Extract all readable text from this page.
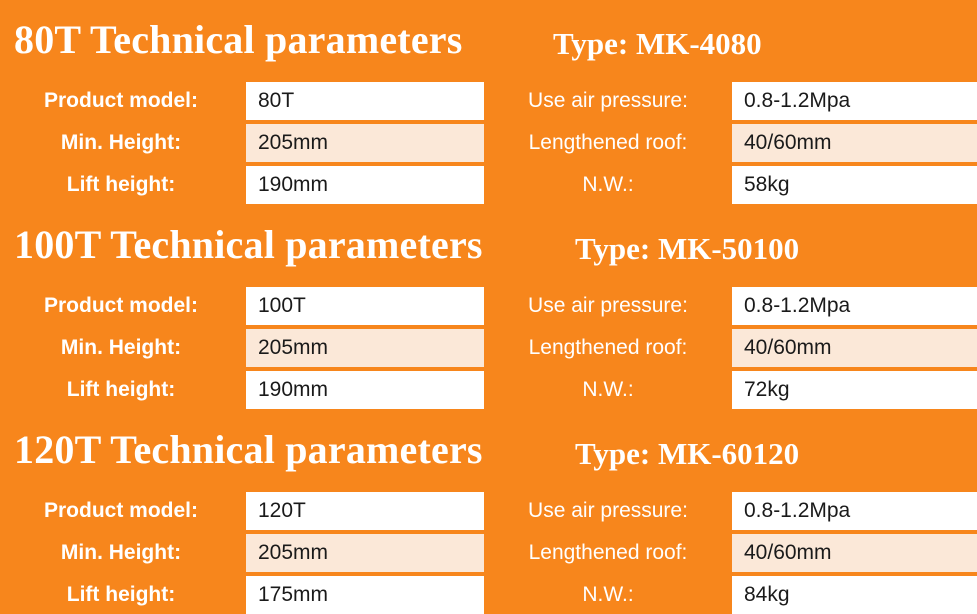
80T Technical parameters	Type: MK-4080
Product model:	80T	Use air pressure:	0.8-1.2Mpa
Min. Height:	205mm	Lengthened roof:	40/60mm
Lift height:	190mm	N.W.:	58kg
100T Technical parameters	Type: MK-50100
Product model:	100T	Use air pressure:	0.8-1.2Mpa
Min. Height:	205mm	Lengthened roof:	40/60mm
Lift height:	190mm	N.W.:	72kg
120T Technical parameters	Type: MK-60120
Product model:	120T	Use air pressure:	0.8-1.2Mpa
Min. Height:	205mm	Lengthened roof:	40/60mm
Lift height:	175mm	N.W.:	84kg
